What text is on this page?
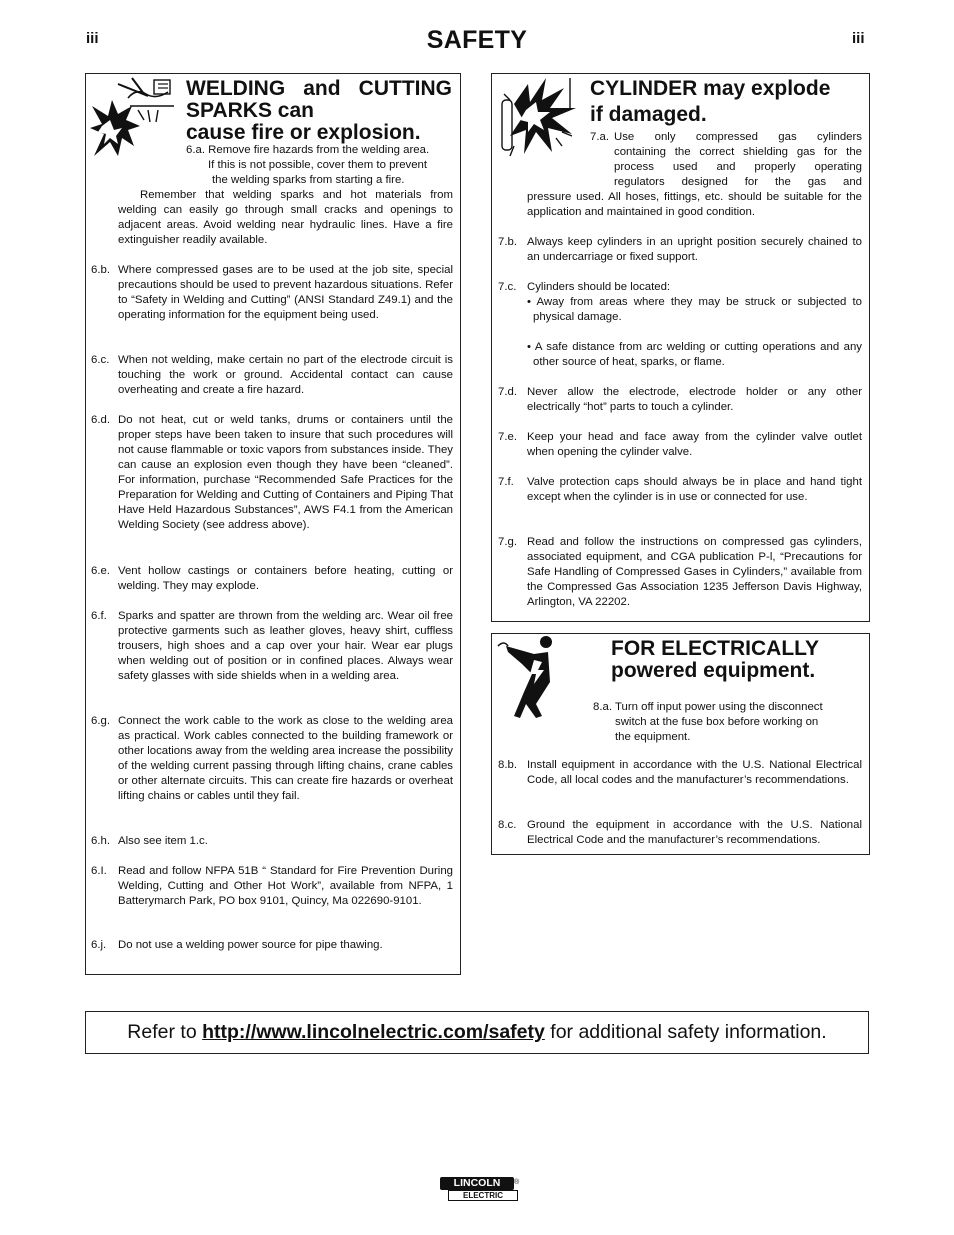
iii	SAFETY	iii
WELDING and CUTTING
SPARKS can
cause fire or explosion.
6.a. Remove fire hazards from the welding area.
If this is not possible, cover them to prevent
the welding sparks from starting a fire.
Remember that welding sparks and hot materials from welding can easily go through small cracks and openings to adjacent areas. Avoid welding near hydraulic lines. Have a fire extinguisher readily available.
6.b. Where compressed gases are to be used at the job site, special precautions should be used to prevent hazardous situations. Refer to “Safety in Welding and Cutting” (ANSI Standard Z49.1) and the operating information for the equipment being used.
6.c. When not welding, make certain no part of the electrode circuit is touching the work or ground. Accidental contact can cause overheating and create a fire hazard.
6.d. Do not heat, cut or weld tanks, drums or containers until the proper steps have been taken to insure that such procedures will not cause flammable or toxic vapors from substances inside. They can cause an explosion even though they have been “cleaned”. For information, purchase “Recommended Safe Practices for the Preparation for Welding and Cutting of Containers and Piping That Have Held Hazardous Substances”, AWS F4.1 from the American Welding Society (see address above).
6.e. Vent hollow castings or containers before heating, cutting or welding. They may explode.
6.f. Sparks and spatter are thrown from the welding arc. Wear oil free protective garments such as leather gloves, heavy shirt, cuffless trousers, high shoes and a cap over your hair. Wear ear plugs when welding out of position or in confined places. Always wear safety glasses with side shields when in a welding area.
6.g. Connect the work cable to the work as close to the welding area as practical. Work cables connected to the building framework or other locations away from the welding area increase the possibility of the welding current passing through lifting chains, crane cables or other alternate circuits. This can create fire hazards or overheat lifting chains or cables until they fail.
6.h. Also see item 1.c.
6.I. Read and follow NFPA 51B “ Standard for Fire Prevention During Welding, Cutting and Other Hot Work”, available from NFPA, 1 Batterymarch Park, PO box 9101, Quincy, Ma 022690-9101.
6.j. Do not use a welding power source for pipe thawing.
CYLINDER may explode
if damaged.
7.a. Use only compressed gas cylinders
containing the correct shielding gas for the
process used and properly operating
regulators designed for the gas and
pressure used. All hoses, fittings, etc. should be suitable for the application and maintained in good condition.
7.b. Always keep cylinders in an upright position securely chained to an undercarriage or fixed support.
7.c. Cylinders should be located:
• Away from areas where they may be struck or subjected to physical damage.
• A safe distance from arc welding or cutting operations and any other source of heat, sparks, or flame.
7.d. Never allow the electrode, electrode holder or any other electrically “hot” parts to touch a cylinder.
7.e. Keep your head and face away from the cylinder valve outlet when opening the cylinder valve.
7.f. Valve protection caps should always be in place and hand tight except when the cylinder is in use or connected for use.
7.g. Read and follow the instructions on compressed gas cylinders, associated equipment, and CGA publication P-l, “Precautions for Safe Handling of Compressed Gases in Cylinders,” available from the Compressed Gas Association 1235 Jefferson Davis Highway, Arlington, VA 22202.
FOR ELECTRICALLY
powered equipment.
8.a. Turn off input power using the disconnect
switch at the fuse box before working on
the equipment.
8.b. Install equipment in accordance with the U.S. National Electrical Code, all local codes and the manufacturer’s recommendations.
8.c. Ground the equipment in accordance with the U.S. National Electrical Code and the manufacturer’s recommendations.
Refer to http://www.lincolnelectric.com/safety for additional safety information.
LINCOLN
ELECTRIC
®
